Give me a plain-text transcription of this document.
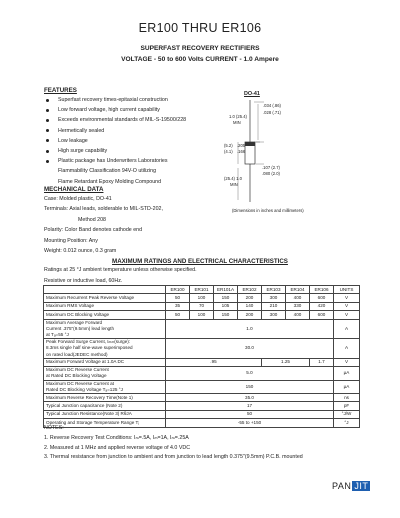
ER100 THRU ER106
SUPERFAST RECOVERY RECTIFIERS
VOLTAGE - 50 to 600 Volts CURRENT - 1.0 Ampere
FEATURES
Superfast recovery times-epitaxial construction
Low forward voltage, high current capability
Exceeds environmental standards of MIL-S-19500/228
Hermetically sealed
Low leakage
High surge capability
Plastic package has Underwriters Laboratories
Flammability Classification 94V-O utilizing
Flame Retardant Epoxy Molding Compound
DO-41
.034 (.86)
.028 (.71)
1.0 (25.4)
MIN
.205
.166
(5.2)
(4.1)
.107 (2.7)
.080 (2.0)
(25.4) 1.0
MIN
(Dimensions in inches and millimeters)
MECHANICAL DATA
Case: Molded plastic, DO-41
Terminals: Axial leads, solderable to MIL-STD-202,
Method 208
Polarity: Color Band denotes cathode end
Mounting Position: Any
Weight: 0.012 ounce, 0.3 gram
MAXIMUM RATINGS AND ELECTRICAL CHARACTERISTICS
Ratings at 25 °J ambient temperature unless otherwise specified.
Resistive or inductive load, 60Hz.
	ER100	ER101	ER101A	ER102	ER103	ER104	ER106	UNITS

Maximum Recurrent Peak Reverse Voltage	50	100	150	200	300	400	600	V

Maximum RMS Voltage	35	70	105	140	210	330	420	V

Maximum DC Blocking Voltage	50	100	150	200	300	400	600	V

Maximum Average Forward
Current .375"(9.5mm) lead length
at Tₐ=55 °J	1.0							A

Peak Forward Surge Current, Iₘₘ(surge):
8.3ms single half sine-wave superimposed
on rated load(JEDEC method)	30.0							A

Maximum Forward Voltage at 1.0A DC	.95				1.25		1.7	V

Maximum DC Reverse Current
at Rated DC Blocking Voltage	5.0							µA

Maximum DC Reverse Current at
Rated DC Blocking Voltage Tₐ=125 °J	150							µA

Maximum Reverse Recovery Time(Note 1)	35.0							ns

Typical Junction capacitance (Note 2)	17							pF

Typical Junction Resistance(Note 3) RθJA	50							°J/W

Operating and Storage Temperature Range Tⱼ	-55 to +150							°J
NOTES:
1. Reverse Recovery Test Conditions: Iₘ=.5A, Iₘ=1A, Iₘ=.25A
2. Measured at 1 MHz and applied reverse voltage of 4.0 VDC
3. Thermal resistance from junction to ambient and from junction to lead length 0.375"(9.5mm) P.C.B. mounted
PAN JIT
